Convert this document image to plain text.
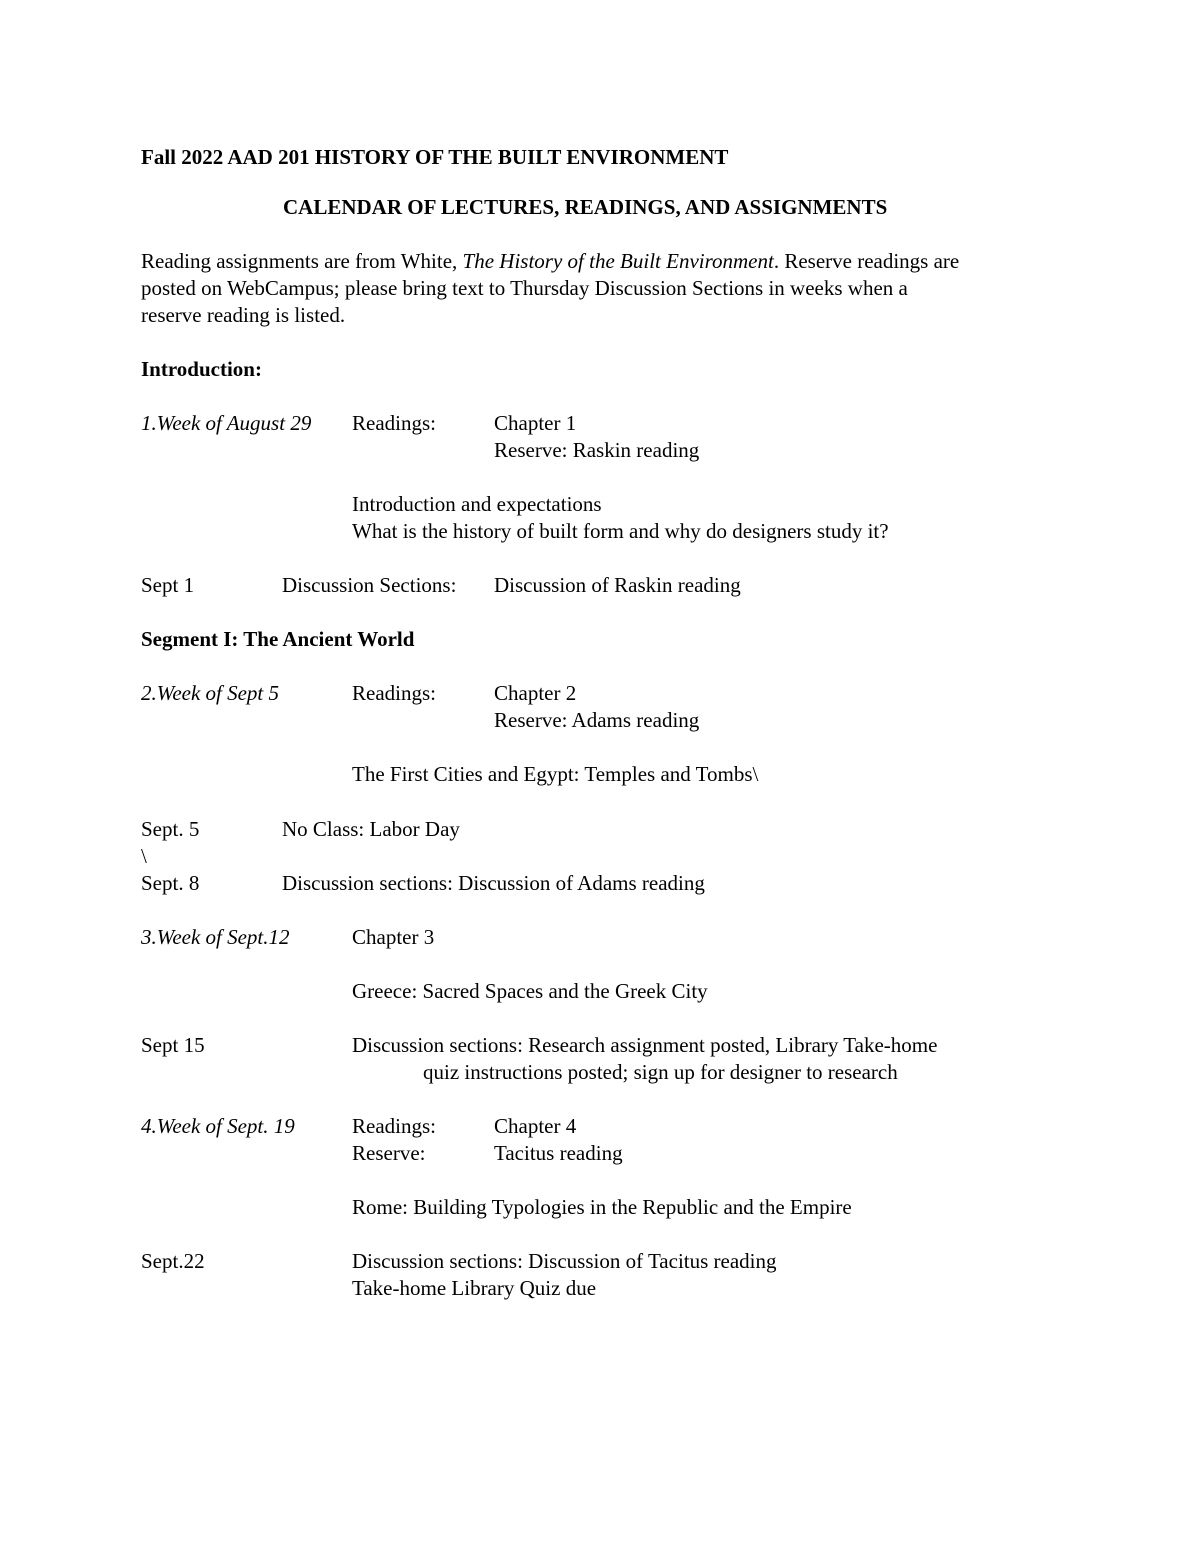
Fall 2022 AAD 201 HISTORY OF THE BUILT ENVIRONMENT
CALENDAR OF LECTURES, READINGS, AND ASSIGNMENTS
Reading assignments are from White, The History of the Built Environment. Reserve readings are
posted on WebCampus; please bring text to Thursday Discussion Sections in weeks when a
reserve reading is listed.
Introduction:
1.Week of August 29 Readings:	Chapter 1
Reserve: Raskin reading
Introduction and expectations
What is the history of built form and why do designers study it?
Sept 1	Discussion Sections: Discussion of Raskin reading
Segment I: The Ancient World
2.Week of Sept 5	Readings:	Chapter 2
Reserve: Adams reading
The First Cities and Egypt: Temples and Tombs\
Sept. 5	No Class: Labor Day
\
Sept. 8	Discussion sections: Discussion of Adams reading
3.Week of Sept.12	Chapter 3
Greece: Sacred Spaces and the Greek City
Sept 15	Discussion sections: Research assignment posted, Library Take-home
quiz instructions posted; sign up for designer to research
4.Week of Sept. 19	Readings:	Chapter 4
Reserve:	Tacitus reading
Rome: Building Typologies in the Republic and the Empire
Sept.22	Discussion sections: Discussion of Tacitus reading
Take-home Library Quiz due
